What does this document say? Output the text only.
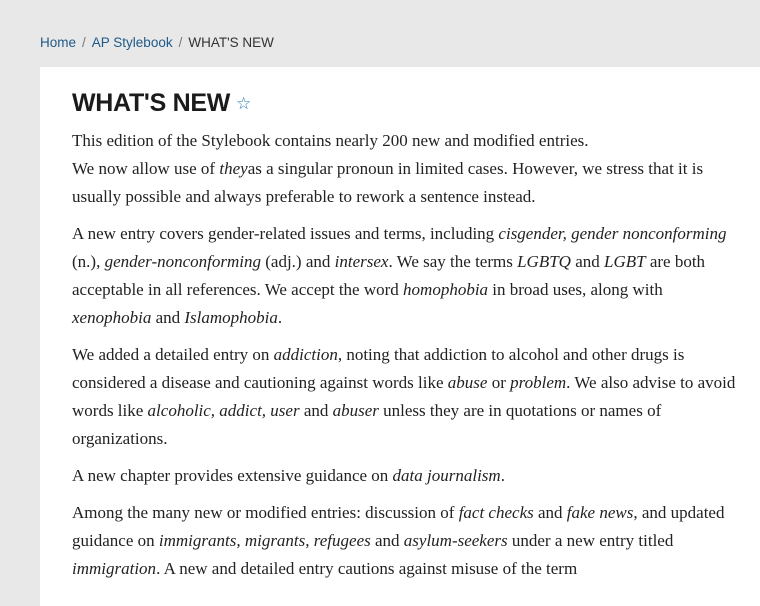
Home / AP Stylebook / WHAT'S NEW
WHAT'S NEW ☆

This edition of the Stylebook contains nearly 200 new and modified entries.
We now allow use of theyas a singular pronoun in limited cases. However, we stress that it is usually possible and always preferable to rework a sentence instead.

A new entry covers gender-related issues and terms, including cisgender, gender nonconforming (n.), gender-nonconforming (adj.) and intersex. We say the terms LGBTQ and LGBT are both acceptable in all references. We accept the word homophobia in broad uses, along with xenophobia and Islamophobia.

We added a detailed entry on addiction, noting that addiction to alcohol and other drugs is considered a disease and cautioning against words like abuse or problem. We also advise to avoid words like alcoholic, addict, user and abuser unless they are in quotations or names of organizations.

A new chapter provides extensive guidance on data journalism.

Among the many new or modified entries: discussion of fact checks and fake news, and updated guidance on immigrants, migrants, refugees and asylum-seekers under a new entry titled immigration. A new and detailed entry cautions against misuse of the term
